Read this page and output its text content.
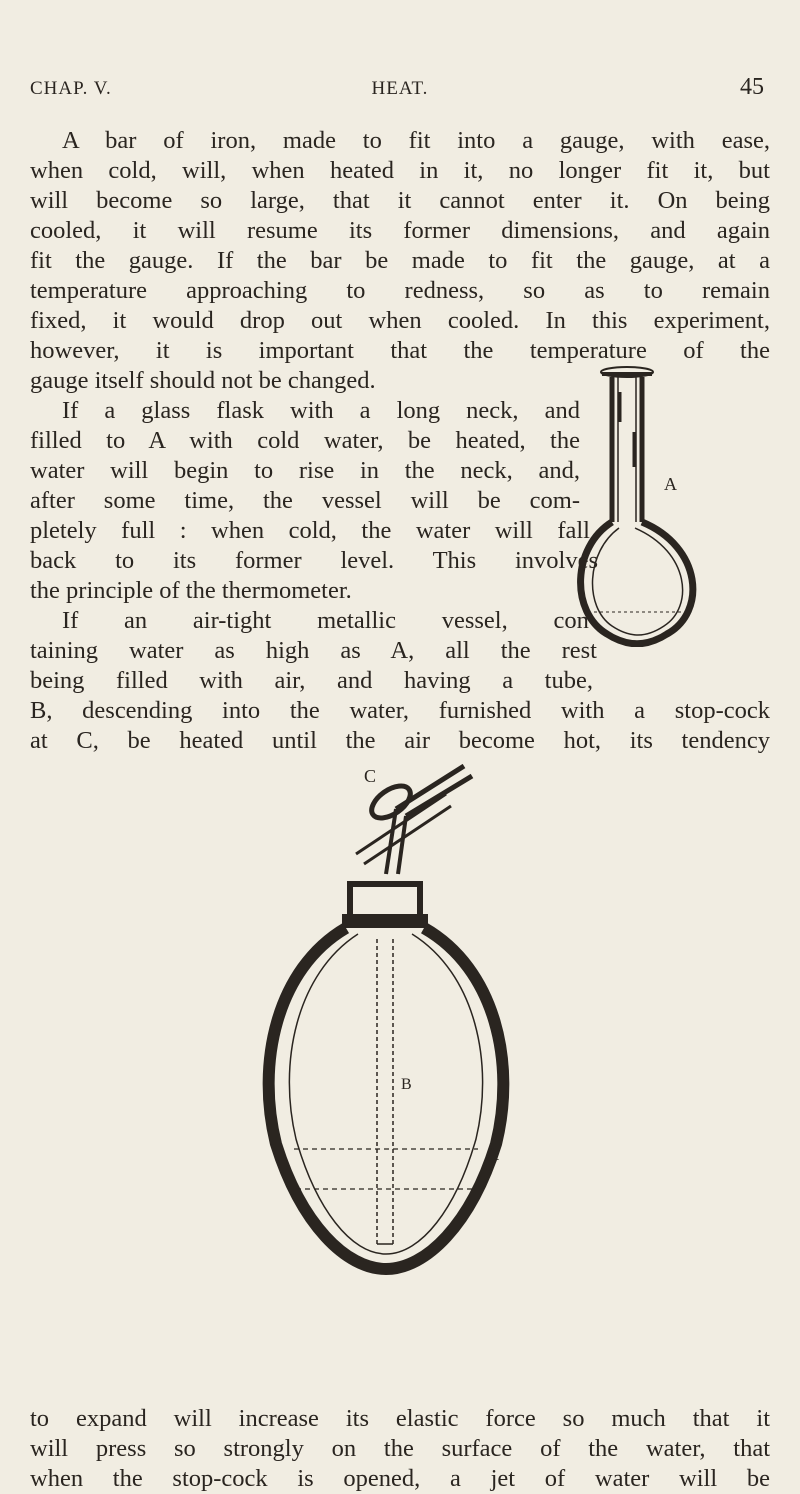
CHAP. V.	HEAT.	45
A bar of iron, made to fit into a gauge, with ease,
when cold, will, when heated in it, no longer fit it, but
will become so large, that it cannot enter it. On being
cooled, it will resume its former dimensions, and again
fit the gauge. If the bar be made to fit the gauge, at a
temperature approaching to redness, so as to remain
fixed, it would drop out when cooled. In this experiment,
however, it is important that the temperature of the
gauge itself should not be changed.
If a glass flask with a long neck, and
filled to A with cold water, be heated, the
water will begin to rise in the neck, and,
after some time, the vessel will be com-
pletely full : when cold, the water will fall
back to its former level. This involves
the principle of the thermometer.
If an air-tight metallic vessel, con-
taining water as high as A, all the rest
being filled with air, and having a tube,
B, descending into the water, furnished with a stop-cock
at C, be heated until the air become hot, its tendency
to expand will increase its elastic force so much that it
will press so strongly on the surface of the water, that
when the stop-cock is opened, a jet of water will be
A
C
B
A
